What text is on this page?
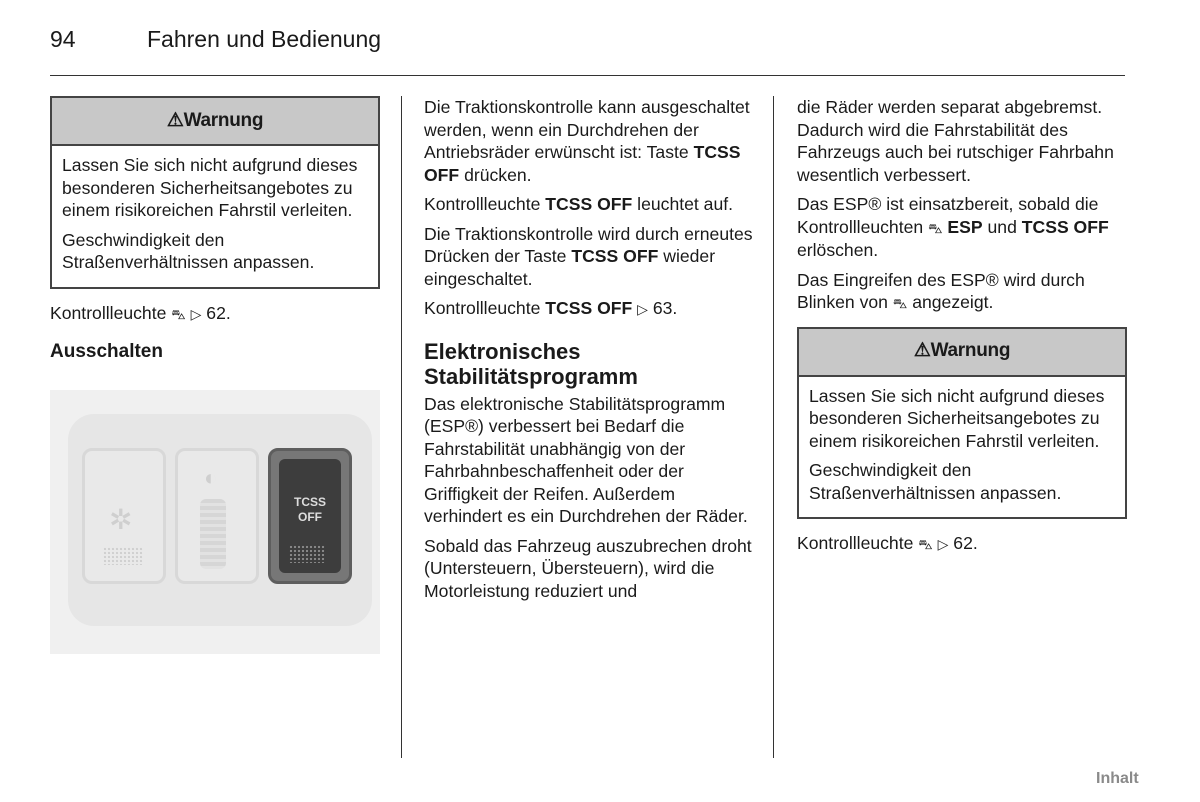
94	Fahren und Bedienung
⚠ Warnung

Lassen Sie sich nicht aufgrund dieses besonderen Sicherheitsangebotes zu einem risikoreichen Fahrstil verleiten.

Geschwindigkeit den Straßenverhältnissen anpassen.

Kontrollleuchte ⛍ ▷ 62.

Ausschalten
✲
◐
TCSS
OFF

Die Traktionskontrolle kann ausgeschaltet werden, wenn ein Durchdrehen der Antriebsräder erwünscht ist: Taste TCSS OFF drücken.

Kontrollleuchte TCSS OFF leuchtet auf.

Die Traktionskontrolle wird durch erneutes Drücken der Taste TCSS OFF wieder eingeschaltet.

Kontrollleuchte TCSS OFF ▷ 63.

Elektronisches Stabilitätsprogramm

Das elektronische Stabilitätsprogramm (ESP®) verbessert bei Bedarf die Fahrstabilität unabhängig von der Fahrbahnbeschaffenheit oder der Griffigkeit der Reifen. Außerdem verhindert es ein Durchdrehen der Räder.

Sobald das Fahrzeug auszubrechen droht (Untersteuern, Übersteuern), wird die Motorleistung reduziert und

die Räder werden separat abgebremst. Dadurch wird die Fahrstabilität des Fahrzeugs auch bei rutschiger Fahrbahn wesentlich verbessert.

Das ESP® ist einsatzbereit, sobald die Kontrollleuchten ⛍ ESP und TCSS OFF erlöschen.

Das Eingreifen des ESP® wird durch Blinken von ⛍ angezeigt.

⚠ Warnung

Lassen Sie sich nicht aufgrund dieses besonderen Sicherheitsangebotes zu einem risikoreichen Fahrstil verleiten.

Geschwindigkeit den Straßenverhältnissen anpassen.

Kontrollleuchte ⛍ ▷ 62.

Inhalt
